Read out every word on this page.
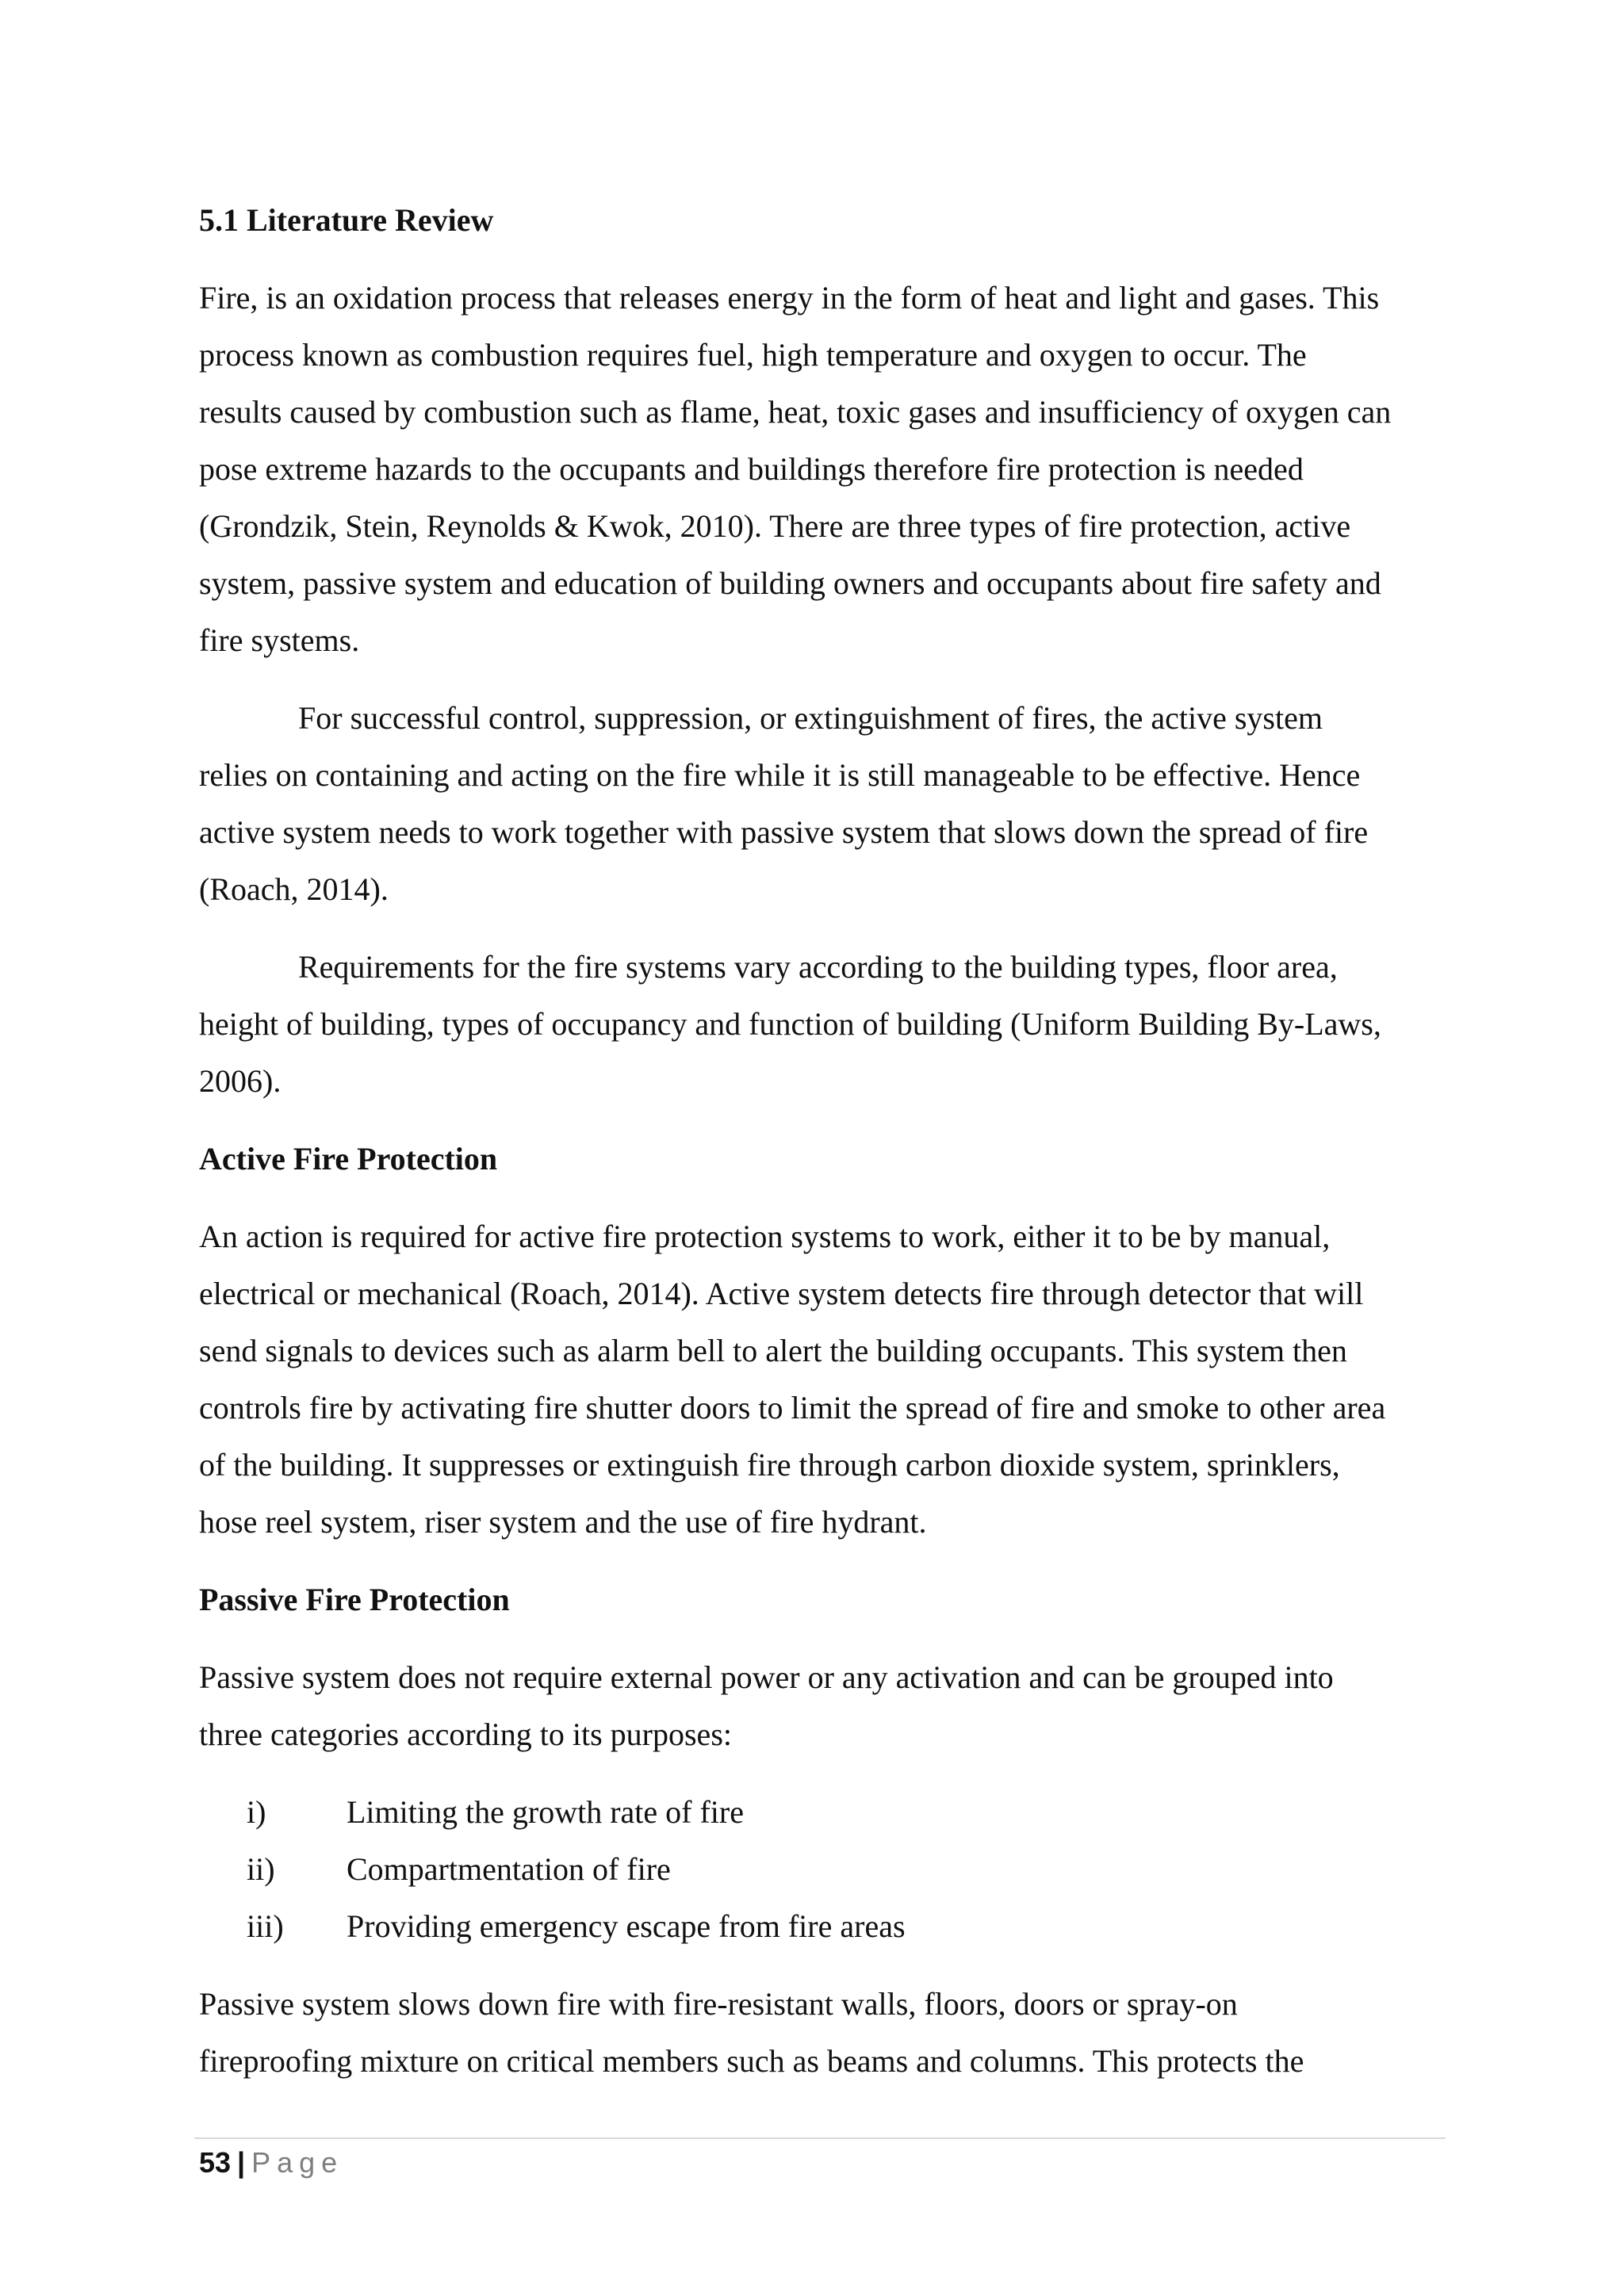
5.1 Literature Review

Fire, is an oxidation process that releases energy in the form of heat and light and gases. This
process known as combustion requires fuel, high temperature and oxygen to occur. The
results caused by combustion such as flame, heat, toxic gases and insufficiency of oxygen can
pose extreme hazards to the occupants and buildings therefore fire protection is needed
(Grondzik, Stein, Reynolds & Kwok, 2010). There are three types of fire protection, active
system, passive system and education of building owners and occupants about fire safety and
fire systems.

For successful control, suppression, or extinguishment of fires, the active system
relies on containing and acting on the fire while it is still manageable to be effective. Hence
active system needs to work together with passive system that slows down the spread of fire
(Roach, 2014).

Requirements for the fire systems vary according to the building types, floor area,
height of building, types of occupancy and function of building (Uniform Building By-Laws,
2006).

Active Fire Protection

An action is required for active fire protection systems to work, either it to be by manual,
electrical or mechanical (Roach, 2014). Active system detects fire through detector that will
send signals to devices such as alarm bell to alert the building occupants. This system then
controls fire by activating fire shutter doors to limit the spread of fire and smoke to other area
of the building. It suppresses or extinguish fire through carbon dioxide system, sprinklers,
hose reel system, riser system and the use of fire hydrant.

Passive Fire Protection

Passive system does not require external power or any activation and can be grouped into
three categories according to its purposes:

i)	Limiting the growth rate of fire
ii)	Compartmentation of fire
iii)	Providing emergency escape from fire areas

Passive system slows down fire with fire-resistant walls, floors, doors or spray-on
fireproofing mixture on critical members such as beams and columns. This protects the

53 | Page
